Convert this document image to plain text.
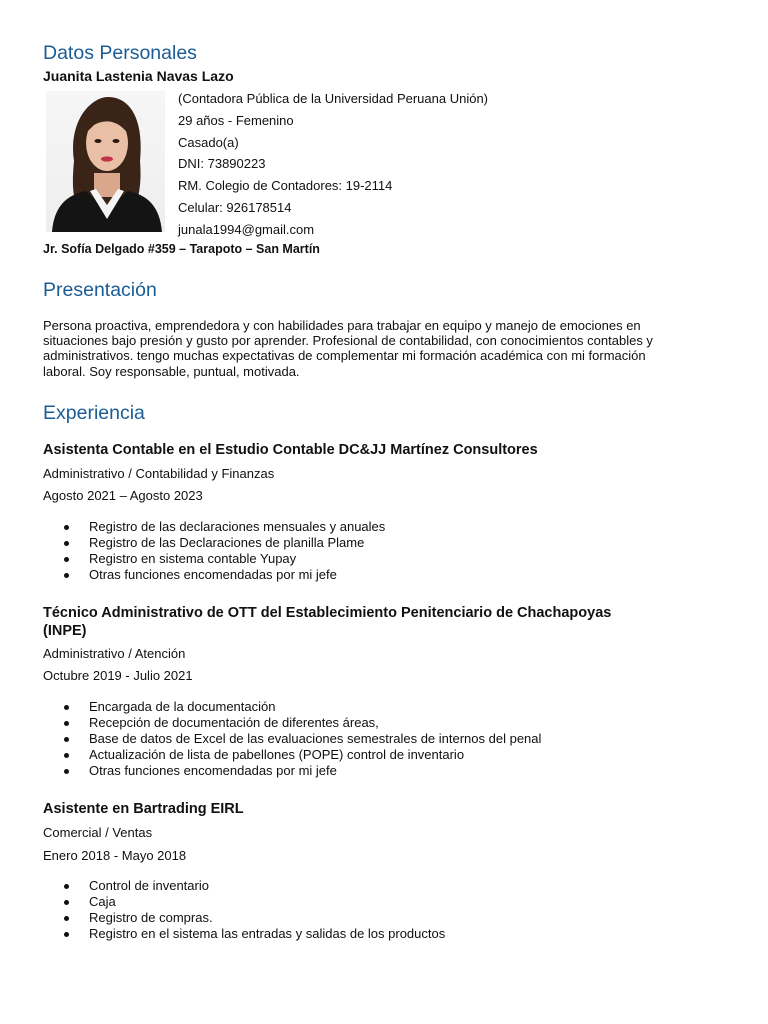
Datos Personales

Juanita Lastenia Navas Lazo

(Contadora Pública de la Universidad Peruana Unión)
29 años - Femenino
Casado(a)
DNI: 73890223
RM. Colegio de Contadores: 19-2114
Celular: 926178514
junala1994@gmail.com

Jr. Sofía Delgado #359 – Tarapoto – San Martín

Presentación

Persona proactiva, emprendedora y con habilidades para trabajar en equipo y manejo de emociones en
situaciones bajo presión y gusto por aprender. Profesional de contabilidad, con conocimientos contables y
administrativos. tengo muchas expectativas de complementar mi formación académica con mi formación
laboral. Soy responsable, puntual, motivada.

Experiencia

Asistenta Contable en el Estudio Contable DC&JJ Martínez Consultores

Administrativo / Contabilidad y Finanzas

Agosto 2021 – Agosto 2023

Registro de las declaraciones mensuales y anuales
Registro de las Declaraciones de planilla Plame
Registro en sistema contable Yupay
Otras funciones encomendadas por mi jefe

Técnico Administrativo de OTT del Establecimiento Penitenciario de Chachapoyas
(INPE)

Administrativo / Atención

Octubre 2019 - Julio 2021

Encargada de la documentación
Recepción de documentación de diferentes áreas,
Base de datos de Excel de las evaluaciones semestrales de internos del penal
Actualización de lista de pabellones (POPE) control de inventario
Otras funciones encomendadas por mi jefe

Asistente en Bartrading EIRL

Comercial / Ventas

Enero 2018 - Mayo 2018

Control de inventario
Caja
Registro de compras.
Registro en el sistema las entradas y salidas de los productos
